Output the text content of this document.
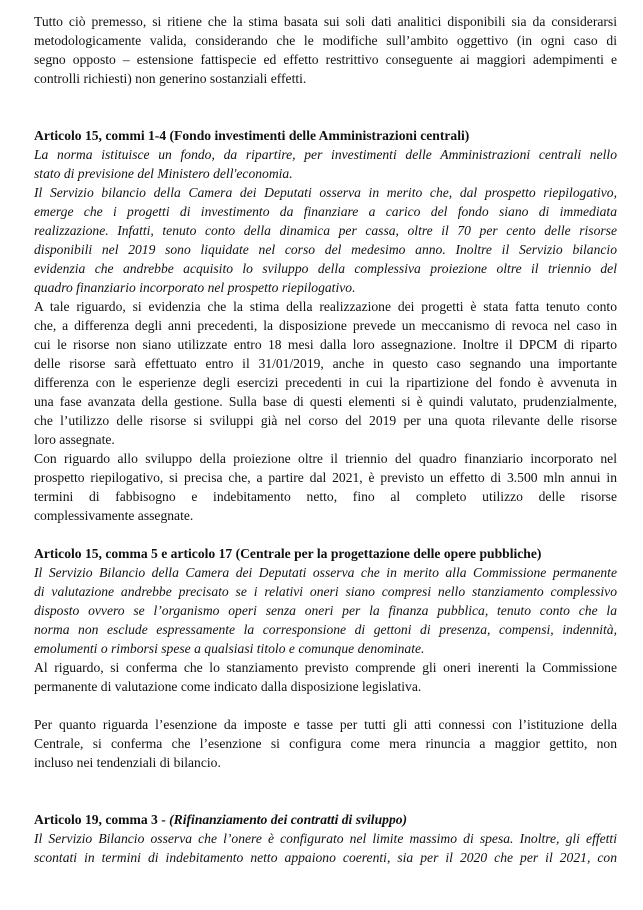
Tutto ciò premesso, si ritiene che la stima basata sui soli dati analitici disponibili sia da considerarsi
metodologicamente valida, considerando che le modifiche sull’ambito oggettivo (in ogni caso di
segno opposto – estensione fattispecie ed effetto restrittivo conseguente ai maggiori adempimenti e
controlli richiesti) non generino sostanziali effetti.
Articolo 15, commi 1-4 (Fondo investimenti delle Amministrazioni centrali)
La norma istituisce un fondo, da ripartire, per investimenti delle Amministrazioni centrali nello
stato di previsione del Ministero dell'economia.
Il Servizio bilancio della Camera dei Deputati osserva in merito che, dal prospetto riepilogativo,
emerge che i progetti di investimento da finanziare a carico del fondo siano di immediata
realizzazione. Infatti, tenuto conto della dinamica per cassa, oltre il 70 per cento delle risorse
disponibili nel 2019 sono liquidate nel corso del medesimo anno. Inoltre il Servizio bilancio
evidenzia che andrebbe acquisito lo sviluppo della complessiva proiezione oltre il triennio del
quadro finanziario incorporato nel prospetto riepilogativo.
A tale riguardo, si evidenzia che la stima della realizzazione dei progetti è stata fatta tenuto conto
che, a differenza degli anni precedenti, la disposizione prevede un meccanismo di revoca nel caso in
cui le risorse non siano utilizzate entro 18 mesi dalla loro assegnazione. Inoltre il DPCM di riparto
delle risorse sarà effettuato entro il 31/01/2019, anche in questo caso segnando una importante
differenza con le esperienze degli esercizi precedenti in cui la ripartizione del fondo è avvenuta in
una fase avanzata della gestione. Sulla base di questi elementi si è quindi valutato, prudenzialmente,
che l’utilizzo delle risorse si sviluppi già nel corso del 2019 per una quota rilevante delle risorse
loro assegnate.
Con riguardo allo sviluppo della proiezione oltre il triennio del quadro finanziario incorporato nel
prospetto riepilogativo, si precisa che, a partire dal 2021, è previsto un effetto di 3.500 mln annui in
termini di fabbisogno e indebitamento netto, fino al completo utilizzo delle risorse
complessivamente assegnate.
Articolo 15, comma 5 e articolo 17 (Centrale per la progettazione delle opere pubbliche)
Il Servizio Bilancio della Camera dei Deputati osserva che in merito alla Commissione permanente
di valutazione andrebbe precisato se i relativi oneri siano compresi nello stanziamento complessivo
disposto ovvero se l’organismo operi senza oneri per la finanza pubblica, tenuto conto che la
norma non esclude espressamente la corresponsione di gettoni di presenza, compensi, indennità,
emolumenti o rimborsi spese a qualsiasi titolo e comunque denominate.
Al riguardo, si conferma che lo stanziamento previsto comprende gli oneri inerenti la Commissione
permanente di valutazione come indicato dalla disposizione legislativa.
Per quanto riguarda l’esenzione da imposte e tasse per tutti gli atti connessi con l’istituzione della
Centrale, si conferma che l’esenzione si configura come mera rinuncia a maggior gettito, non
incluso nei tendenziali di bilancio.
Articolo 19, comma 3 - (Rifinanziamento dei contratti di sviluppo)
Il Servizio Bilancio osserva che l’onere è configurato nel limite massimo di spesa. Inoltre, gli effetti
scontati in termini di indebitamento netto appaiono coerenti, sia per il 2020 che per il 2021, con
